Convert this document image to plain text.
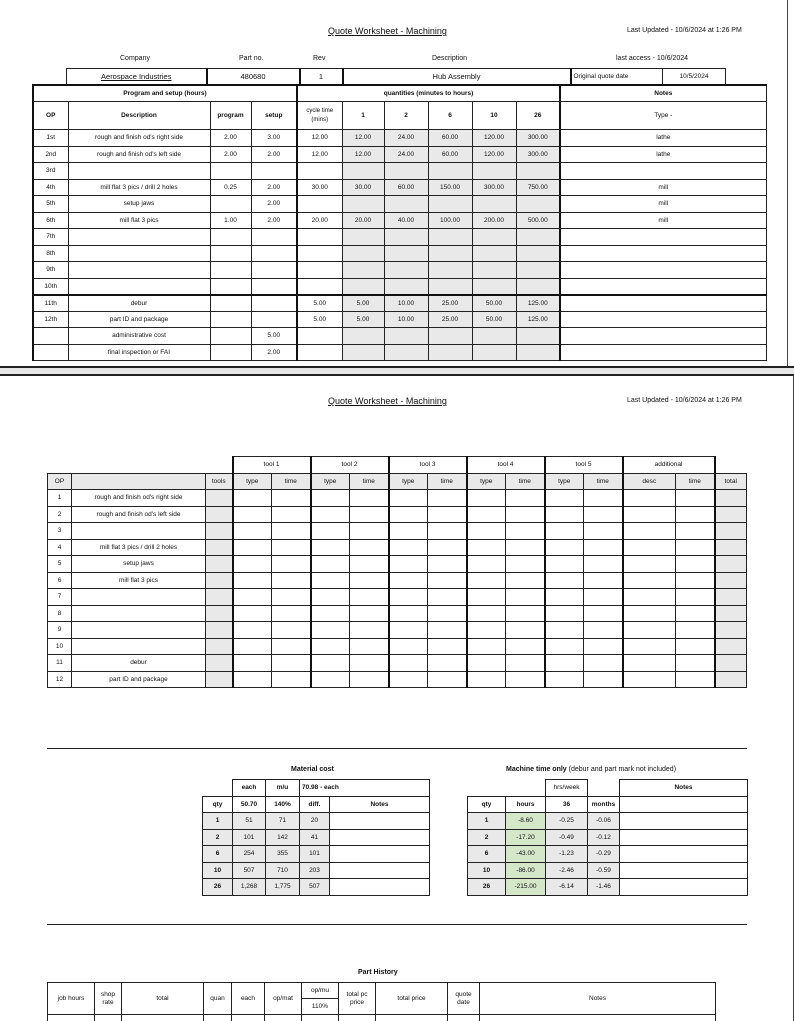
Quote Worksheet - Machining	Last Updated - 10/6/2024 at 1:26 PM
Company	Part no.	Rev	Description	last access - 10/6/2024
Aerospace Industries	480680	1	Hub Assembly	Original quote date	10/5/2024
Program and setup (hours)				quantities (minutes to hours)						Notes
OP	Description	program	setup	cycle time (mins)	1	2	6	10	26	Type -
1st	rough and finish od's right side	2.00	3.00	12.00	12.00	24.00	60.00	120.00	300.00	lathe
2nd	rough and finish od's left side	2.00	2.00	12.00	12.00	24.00	60.00	120.00	300.00	lathe
3rd										
4th	mill flat 3 pics / drill 2 holes	0.25	2.00	30.00	30.00	60.00	150.00	300.00	750.00	mill
5th	setup jaws		2.00							mill
6th	mill flat 3 pics	1.00	2.00	20.00	20.00	40.00	100.00	200.00	500.00	mill
7th										
8th										
9th										
10th										
11th	debur			5.00	5.00	10.00	25.00	50.00	125.00	
12th	part ID and package			5.00	5.00	10.00	25.00	50.00	125.00	
	administrative cost		5.00							
	final inspection or FAI		2.00							
Quote Worksheet - Machining	Last Updated - 10/6/2024 at 1:26 PM
			tool 1		tool 2		tool 3		tool 4		tool 5		additional		
OP		tools	type	time	type	time	type	time	type	time	type	time	desc	time	total
1	rough and finish od's right side														
2	rough and finish od's left side														
3															
4	mill flat 3 pics / drill 2 holes														
5	setup jaws														
6	mill flat 3 pics														
7															
8															
9															
10															
11	debur														
12	part ID and package														
Material cost
	each	m/u	70.98 - each	
qty	50.70	140%	diff.	Notes
1	51	71	20	
2	101	142	41	
6	254	355	101	
10	507	710	203	
26	1,268	1,775	507	
Machine time only (debur and part mark not included)
		hrs/week		Notes
qty	hours	36	months	
1	-8.60	-0.25	-0.06	
2	-17.20	-0.49	-0.12	
6	-43.00	-1.23	-0.29	
10	-86.00	-2.46	-0.59	
26	-215.00	-6.14	-1.46	
Part History
job hours	shop rate	total	quan	each	op/mat	op/mu	total pc price	total price	quote date	Notes
						110%				
